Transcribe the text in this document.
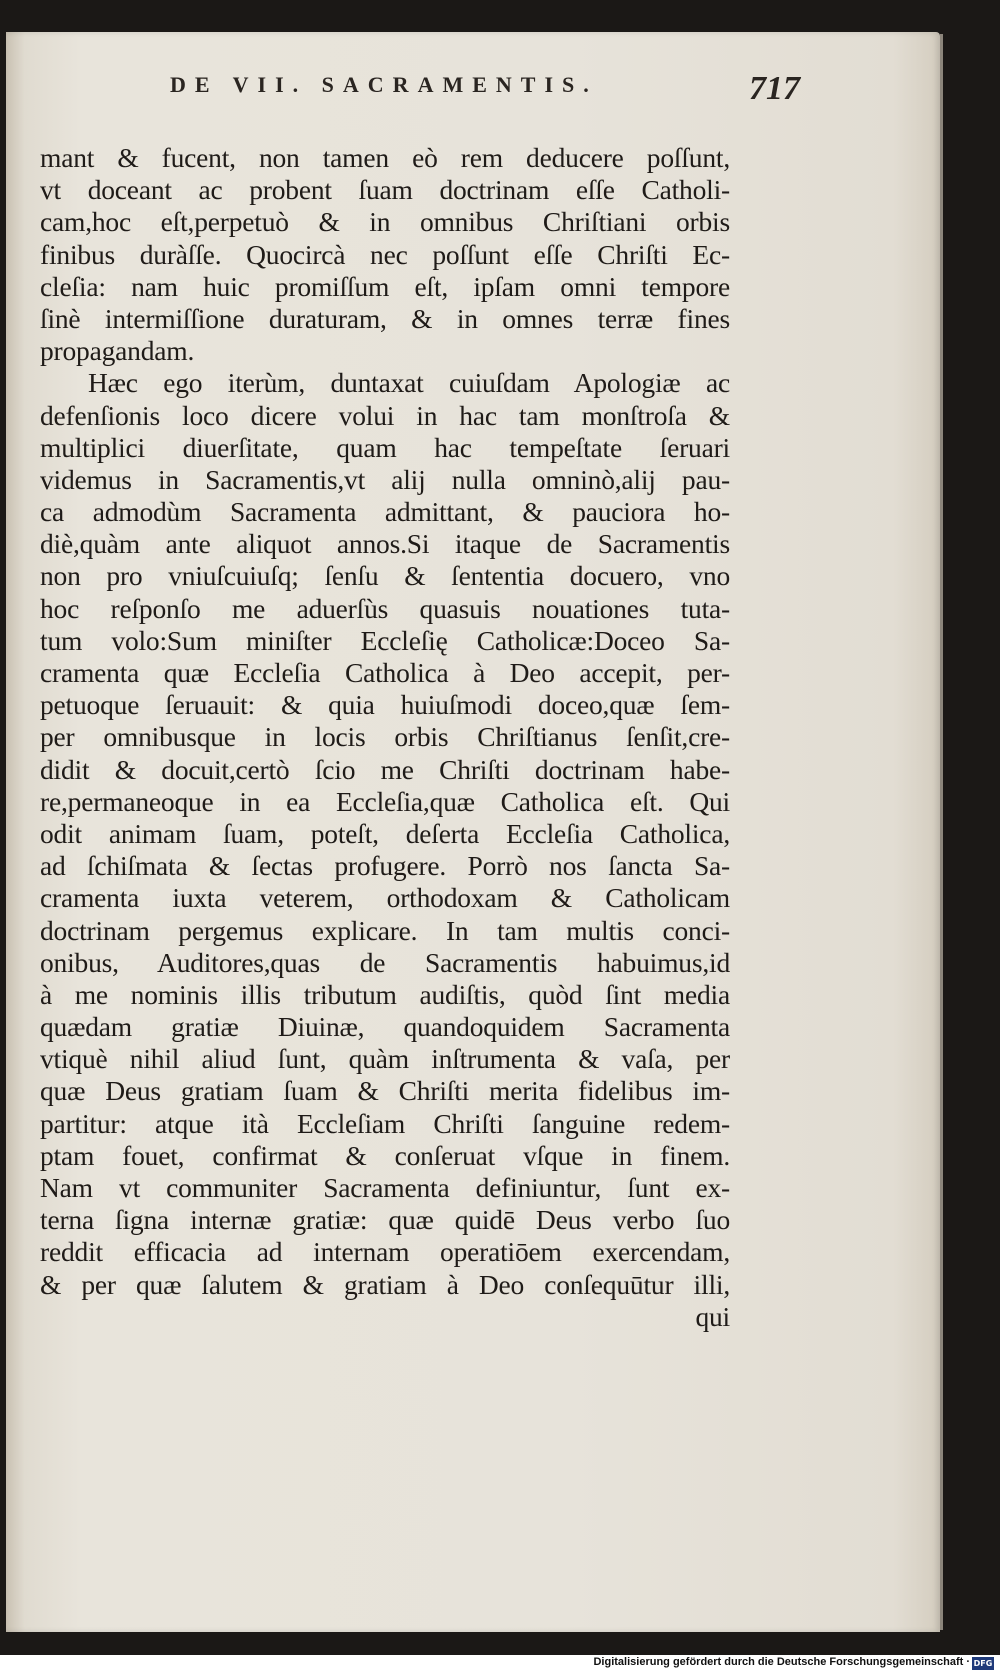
DE VII. SACRAMENTIS.	717
mant & fucent, non tamen eò rem deducere poſſunt,
vt doceant ac probent ſuam doctrinam eſſe Catholi-
cam,hoc eſt,perpetuò & in omnibus Chriſtiani orbis
finibus duràſſe. Quocircà nec poſſunt eſſe Chriſti Ec-
cleſia: nam huic promiſſum eſt, ipſam omni tempore
ſinè intermiſſione duraturam, & in omnes terræ fines
propagandam.
Hæc ego iterùm, duntaxat cuiuſdam Apologiæ ac
defenſionis loco dicere volui in hac tam monſtroſa &
multiplici diuerſitate, quam hac tempeſtate ſeruari
videmus in Sacramentis,vt alij nulla omninò,alij pau-
ca admodùm Sacramenta admittant, & pauciora ho-
diè,quàm ante aliquot annos.Si itaque de Sacramentis
non pro vniuſcuiuſq; ſenſu & ſententia docuero, vno
hoc reſponſo me aduerſùs quasuis nouationes tuta-
tum volo:Sum miniſter Eccleſię Catholicæ:Doceo Sa-
cramenta quæ Eccleſia Catholica à Deo accepit, per-
petuoque ſeruauit: & quia huiuſmodi doceo,quæ ſem-
per omnibusque in locis orbis Chriſtianus ſenſit,cre-
didit & docuit,certò ſcio me Chriſti doctrinam habe-
re,permaneoque in ea Eccleſia,quæ Catholica eſt. Qui
odit animam ſuam, poteſt, deſerta Eccleſia Catholica,
ad ſchiſmata & ſectas profugere. Porrò nos ſancta Sa-
cramenta iuxta veterem, orthodoxam & Catholicam
doctrinam pergemus explicare. In tam multis conci-
onibus, Auditores,quas de Sacramentis habuimus,id
à me nominis illis tributum audiſtis, quòd ſint media
quædam gratiæ Diuinæ, quandoquidem Sacramenta
vtiquè nihil aliud ſunt, quàm inſtrumenta & vaſa, per
quæ Deus gratiam ſuam & Chriſti merita fidelibus im-
partitur: atque ità Eccleſiam Chriſti ſanguine redem-
ptam fouet, confirmat & conſeruat vſque in finem.
Nam vt communiter Sacramenta definiuntur, ſunt ex-
terna ſigna internæ gratiæ: quæ quidē Deus verbo ſuo
reddit efficacia ad internam operatiōem exercendam,
& per quæ ſalutem & gratiam à Deo conſequūtur illi,
qui
Digitalisierung gefördert durch die Deutsche Forschungsgemeinschaft · DFG
